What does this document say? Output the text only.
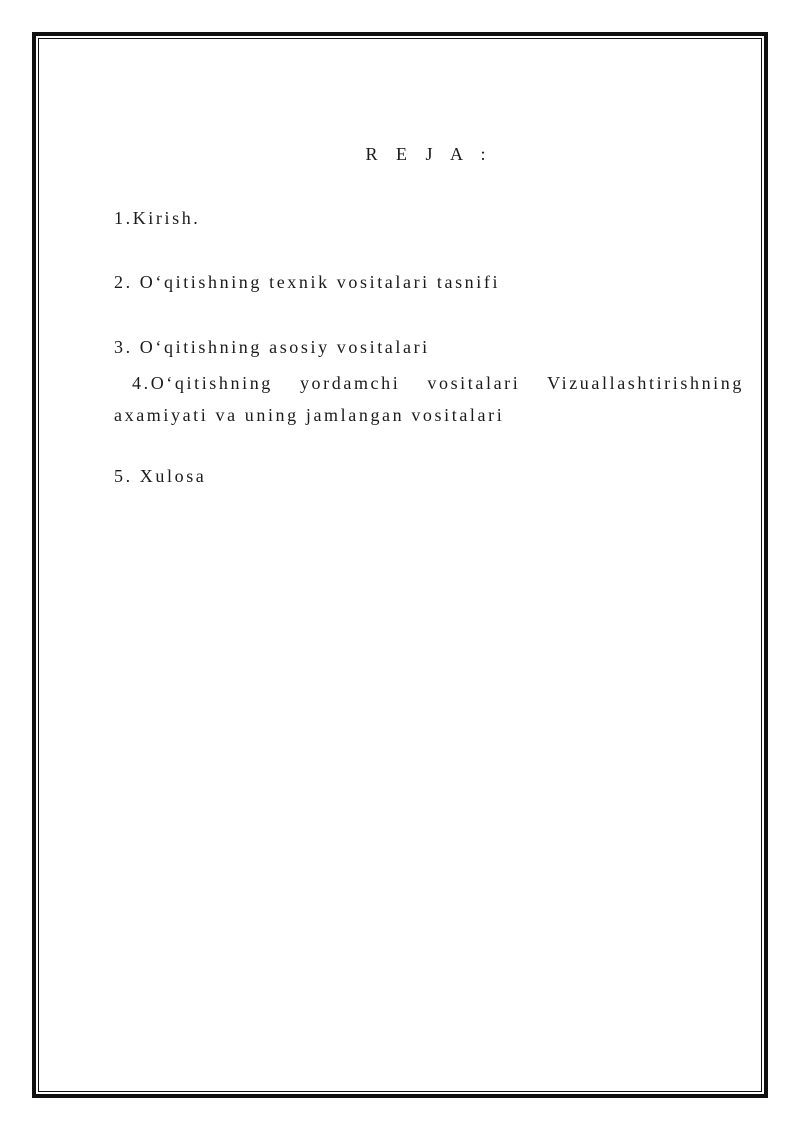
R E J A :
1.Kirish.
2. O‘qitishning texnik vositalari tasnifi
3. O‘qitishning asosiy vositalari
4.O‘qitishning yordamchi vositalari Vizuallashtirishning
axamiyati va uning jamlangan vositalari
5. Xulosa
